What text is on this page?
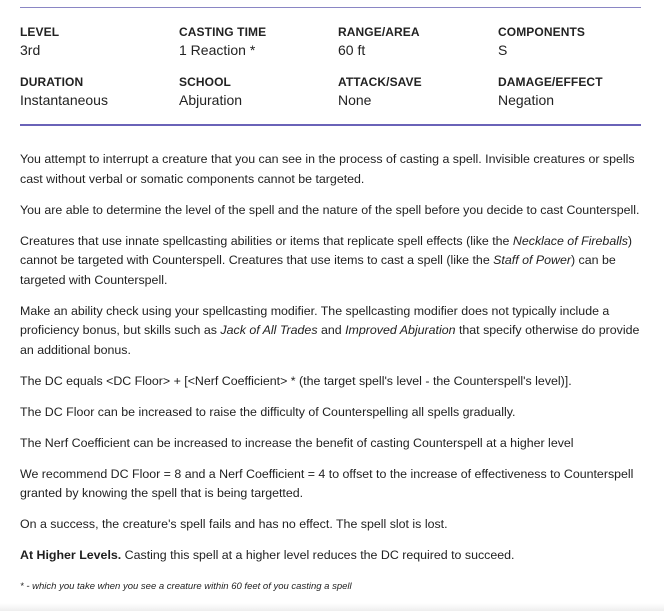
LEVEL
3rd
CASTING TIME
1 Reaction *
RANGE/AREA
60 ft
COMPONENTS
S
DURATION
Instantaneous
SCHOOL
Abjuration
ATTACK/SAVE
None
DAMAGE/EFFECT
Negation

You attempt to interrupt a creature that you can see in the process of casting a spell. Invisible creatures or spells cast without verbal or somatic components cannot be targeted.

You are able to determine the level of the spell and the nature of the spell before you decide to cast Counterspell.

Creatures that use innate spellcasting abilities or items that replicate spell effects (like the Necklace of Fireballs) cannot be targeted with Counterspell. Creatures that use items to cast a spell (like the Staff of Power) can be targeted with Counterspell.

Make an ability check using your spellcasting modifier. The spellcasting modifier does not typically include a proficiency bonus, but skills such as Jack of All Trades and Improved Abjuration that specify otherwise do provide an additional bonus.

The DC equals <DC Floor> + [<Nerf Coefficient> * (the target spell's level - the Counterspell's level)].

The DC Floor can be increased to raise the difficulty of Counterspelling all spells gradually.

The Nerf Coefficient can be increased to increase the benefit of casting Counterspell at a higher level

We recommend DC Floor = 8 and a Nerf Coefficient = 4 to offset to the increase of effectiveness to Counterspell granted by knowing the spell that is being targetted.

On a success, the creature's spell fails and has no effect. The spell slot is lost.

At Higher Levels. Casting this spell at a higher level reduces the DC required to succeed.

* - which you take when you see a creature within 60 feet of you casting a spell
